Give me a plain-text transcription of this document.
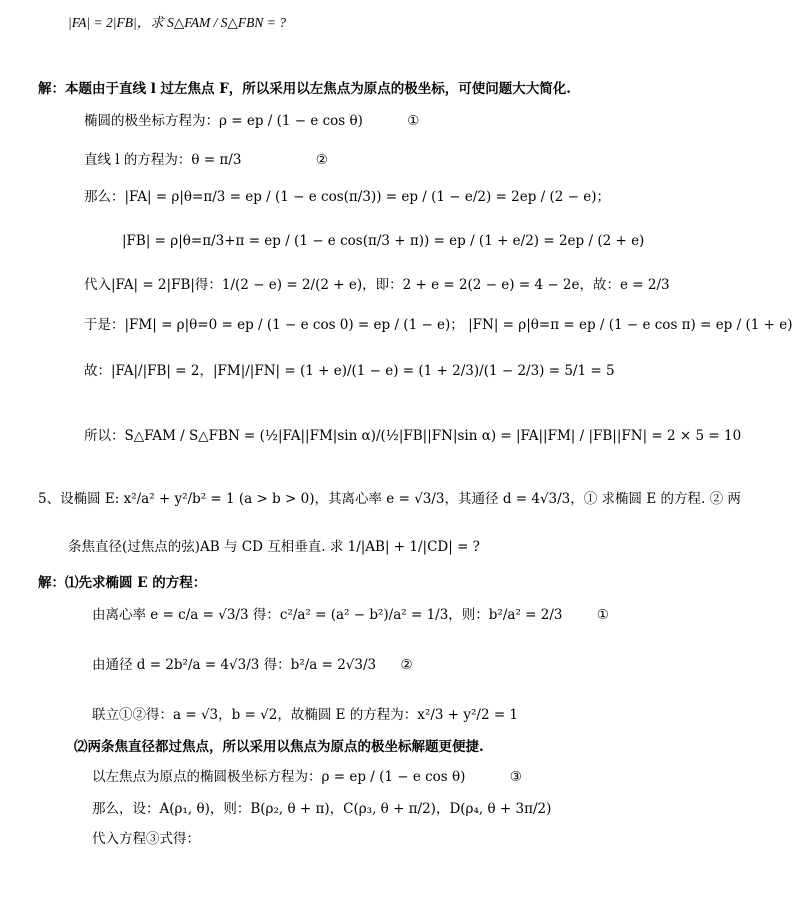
|FA| = 2|FB|，求 S△FAM / S△FBN = ?
解：本题由于直线 l 过左焦点 F，所以采用以左焦点为原点的极坐标，可使问题大大简化.
椭圆的极坐标方程为：ρ = ep / (1 − e cos θ)	①
直线 l 的方程为：θ = π/3	②
那么：|FA| = ρ|θ=π/3 = ep / (1 − e cos(π/3)) = ep / (1 − e/2) = 2ep / (2 − e)；
|FB| = ρ|θ=π/3+π = ep / (1 − e cos(π/3 + π)) = ep / (1 + e/2) = 2ep / (2 + e)
代入|FA| = 2|FB|得：1/(2 − e) = 2/(2 + e)，即：2 + e = 2(2 − e) = 4 − 2e，故：e = 2/3
于是：|FM| = ρ|θ=0 = ep / (1 − e cos 0) = ep / (1 − e)； |FN| = ρ|θ=π = ep / (1 − e cos π) = ep / (1 + e)
故：|FA|/|FB| = 2，|FM|/|FN| = (1 + e)/(1 − e) = (1 + 2/3)/(1 − 2/3) = 5/1 = 5
所以：S△FAM / S△FBN = (½|FA||FM|sin α)/(½|FB||FN|sin α) = |FA||FM| / |FB||FN| = 2 × 5 = 10
5、设椭圆 E: x²/a² + y²/b² = 1 (a > b > 0)，其离心率 e = √3/3，其通径 d = 4√3/3，① 求椭圆 E 的方程. ② 两
条焦直径(过焦点的弦)AB 与 CD 互相垂直. 求 1/|AB| + 1/|CD| = ?
解：⑴先求椭圆 E 的方程：
由离心率 e = c/a = √3/3 得：c²/a² = (a² − b²)/a² = 1/3，则：b²/a² = 2/3	①
由通径 d = 2b²/a = 4√3/3 得：b²/a = 2√3/3 ②
联立①②得：a = √3，b = √2，故椭圆 E 的方程为：x²/3 + y²/2 = 1
⑵两条焦直径都过焦点，所以采用以焦点为原点的极坐标解题更便捷.
以左焦点为原点的椭圆极坐标方程为：ρ = ep / (1 − e cos θ)	③
那么，设：A(ρ₁, θ)，则：B(ρ₂, θ + π)，C(ρ₃, θ + π/2)，D(ρ₄, θ + 3π/2)
代入方程③式得：
